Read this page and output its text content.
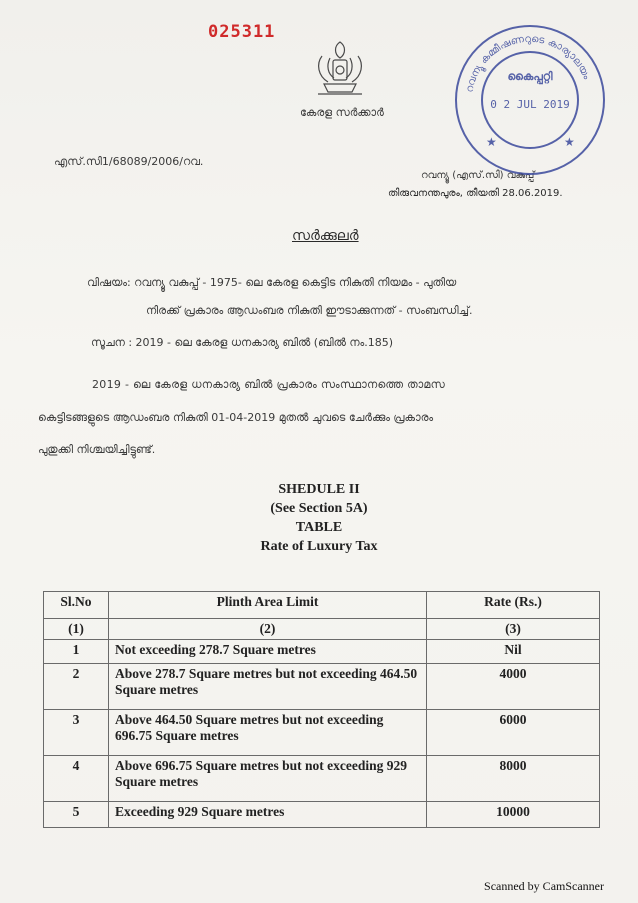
025311
കേരള സർക്കാർ
എസ്.സി1/68089/2006/റവ.
റവന്യൂ (എസ്.സി) വകുപ്പ്
തിരുവനന്തപുരം, തീയതി 28.06.2019.
റവന്യൂ കമ്മീഷണറുടെ കാര്യാലയം
കൈപ്പറ്റി
0 2 JUL 2019
★	★
സർക്കുലർ
വിഷയം: റവന്യൂ വകുപ്പ് - 1975- ലെ കേരള കെട്ടിട നികുതി നിയമം - പുതിയ
നിരക്ക് പ്രകാരം ആഡംബര നികുതി ഈടാക്കുന്നത് - സംബന്ധിച്ച്.
സൂചന : 2019 - ലെ കേരള ധനകാര്യ ബിൽ (ബിൽ നം.185)
2019 - ലെ കേരള ധനകാര്യ ബിൽ പ്രകാരം സംസ്ഥാനത്തെ താമസ
കെട്ടിടങ്ങളുടെ ആഡംബര നികുതി 01-04-2019 മുതൽ ചുവടെ ചേർക്കും പ്രകാരം
പുതുക്കി നിശ്ചയിച്ചിട്ടുണ്ട്.
SHEDULE II
(See Section 5A)
TABLE
Rate of Luxury Tax
Sl.No	Plinth Area Limit	Rate (Rs.)
(1)	(2)	(3)
1	Not exceeding 278.7 Square metres	Nil
2	Above 278.7 Square metres but not exceeding 464.50 Square metres	4000
3	Above 464.50 Square metres but not exceeding 696.75 Square metres	6000
4	Above 696.75 Square metres but not exceeding 929 Square metres	8000
5	Exceeding 929 Square metres	10000
Scanned by CamScanner
